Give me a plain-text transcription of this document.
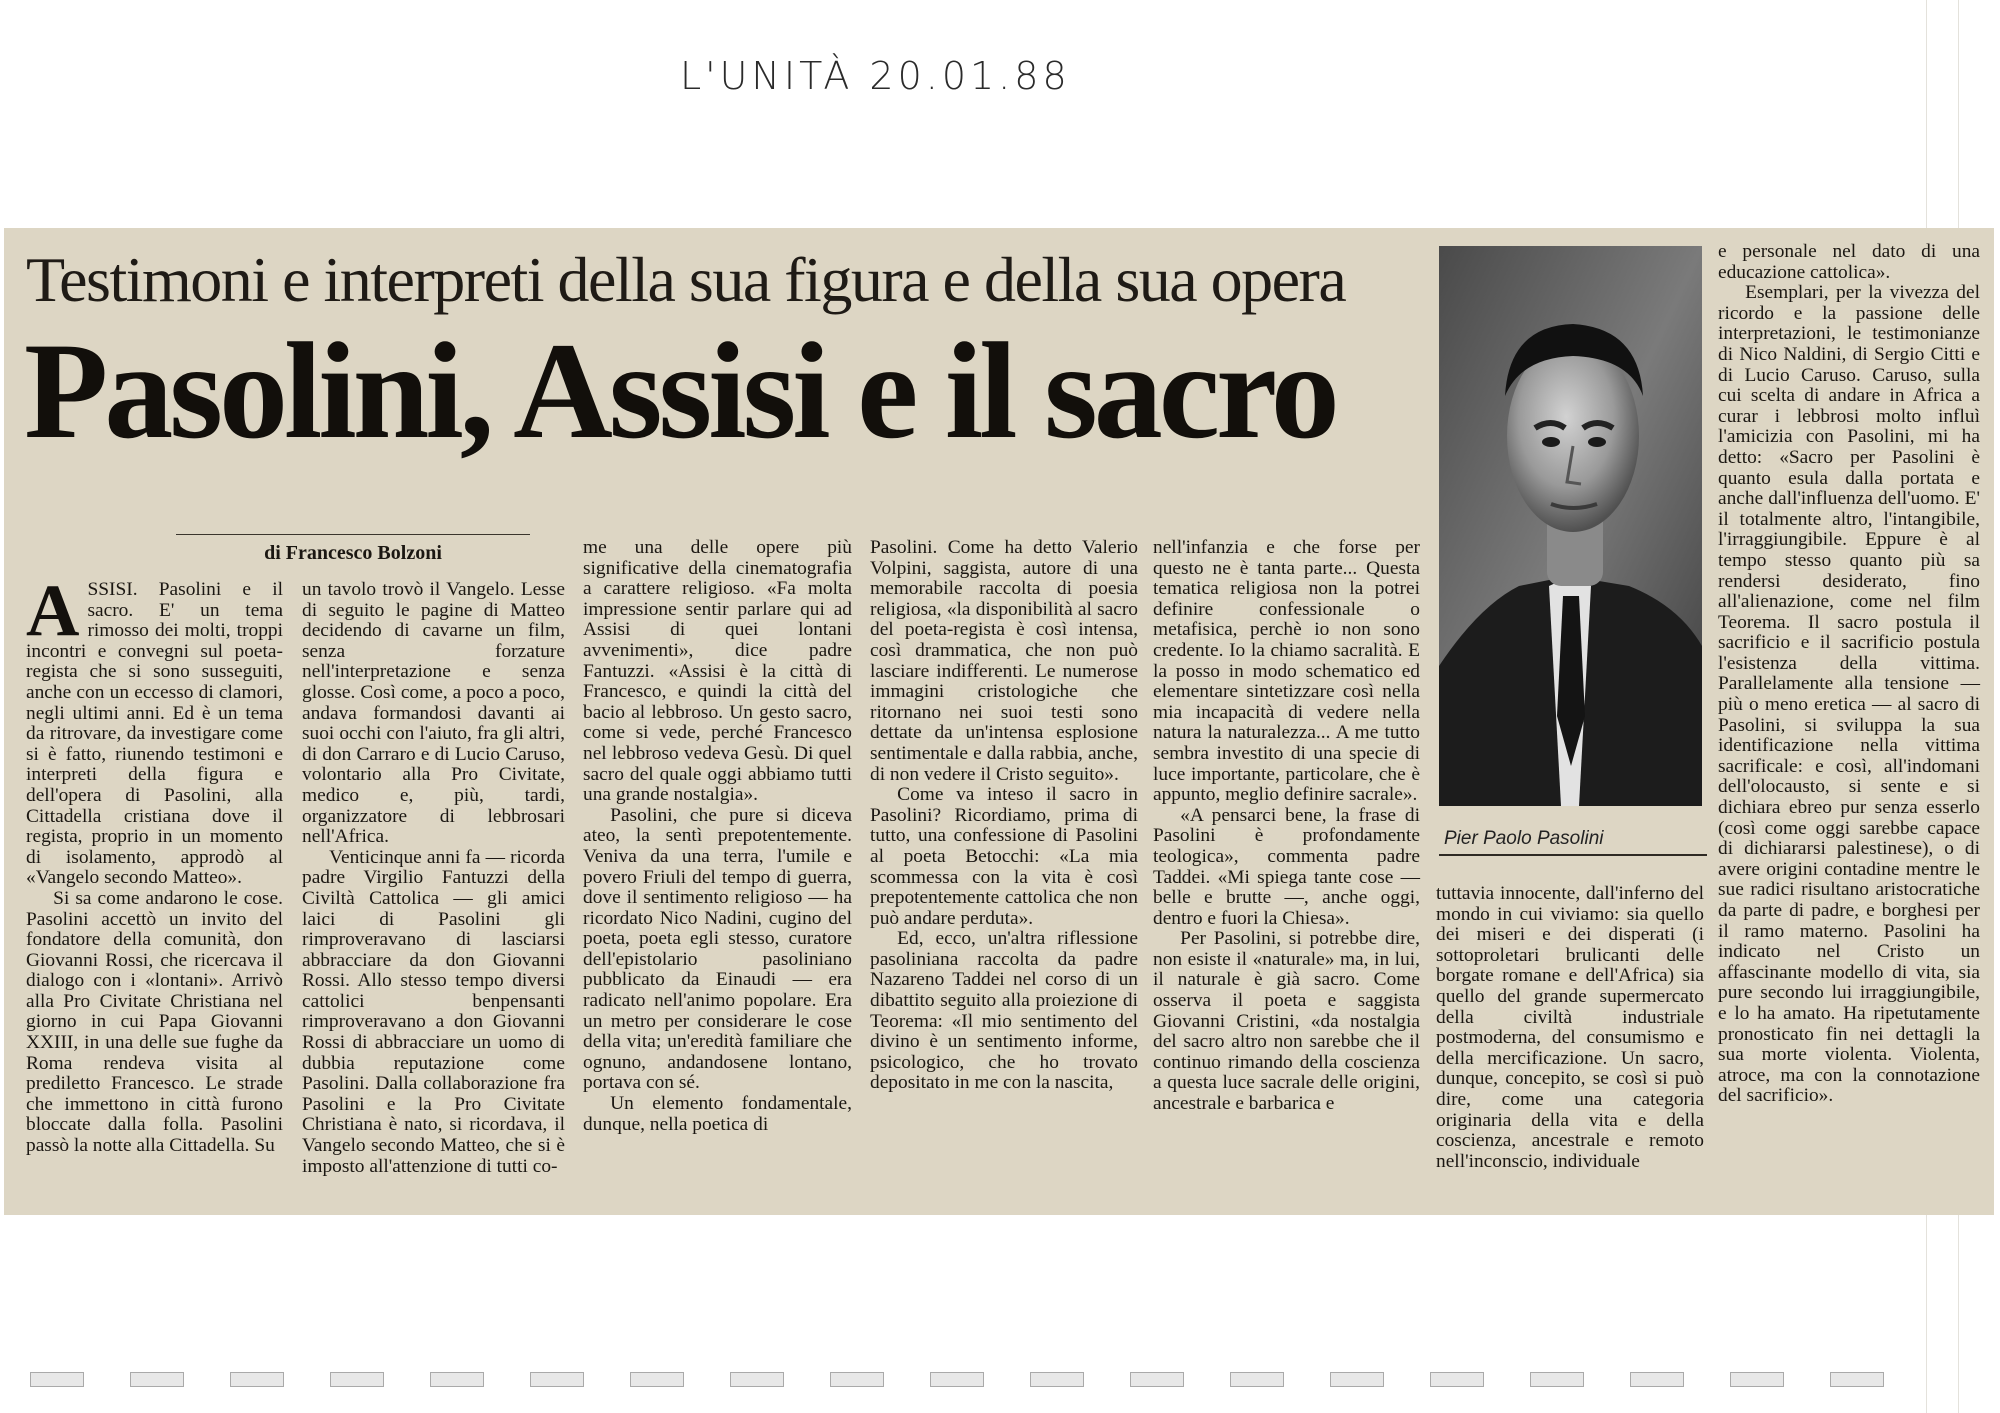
L'UNITÀ 20.01.88
Testimoni e interpreti della sua figura e della sua opera
Pasolini, Assisi e il sacro
di Francesco Bolzoni

ASSISI. Pasolini e il sacro. E' un tema rimosso dei molti, troppi incontri e convegni sul poeta-regista che si sono susseguiti, anche con un eccesso di clamori, negli ultimi anni. Ed è un tema da ritrovare, da investigare come si è fatto, riunendo testimoni e interpreti della figura e dell'opera di Pasolini, alla Cittadella cristiana dove il regista, proprio in un momento di isolamento, approdò al «Vangelo secondo Matteo».

Si sa come andarono le cose. Pasolini accettò un invito del fondatore della comunità, don Giovanni Rossi, che ricercava il dialogo con i «lontani». Arrivò alla Pro Civitate Christiana nel giorno in cui Papa Giovanni XXIII, in una delle sue fughe da Roma rendeva visita al prediletto Francesco. Le strade che immettono in città furono bloccate dalla folla. Pasolini passò la notte alla Cittadella. Su

un tavolo trovò il Vangelo. Lesse di seguito le pagine di Matteo decidendo di cavarne un film, senza forzature nell'interpretazione e senza glosse. Così come, a poco a poco, andava formandosi davanti ai suoi occhi con l'aiuto, fra gli altri, di don Carraro e di Lucio Caruso, volontario alla Pro Civitate, medico e, più, tardi, organizzatore di lebbrosari nell'Africa.

Venticinque anni fa — ricorda padre Virgilio Fantuzzi della Civiltà Cattolica — gli amici laici di Pasolini gli rimproveravano di lasciarsi abbracciare da don Giovanni Rossi. Allo stesso tempo diversi cattolici benpensanti rimproveravano a don Giovanni Rossi di abbracciare un uomo di dubbia reputazione come Pasolini. Dalla collaborazione fra Pasolini e la Pro Civitate Christiana è nato, si ricordava, il Vangelo secondo Matteo, che si è imposto all'attenzione di tutti co-

me una delle opere più significative della cinematografia a carattere religioso. «Fa molta impressione sentir parlare qui ad Assisi di quei lontani avvenimenti», dice padre Fantuzzi. «Assisi è la città di Francesco, e quindi la città del bacio al lebbroso. Un gesto sacro, come si vede, perché Francesco nel lebbroso vedeva Gesù. Di quel sacro del quale oggi abbiamo tutti una grande nostalgia».

Pasolini, che pure si diceva ateo, la sentì prepotentemente. Veniva da una terra, l'umile e povero Friuli del tempo di guerra, dove il sentimento religioso — ha ricordato Nico Nadini, cugino del poeta, poeta egli stesso, curatore dell'epistolario pasoliniano pubblicato da Einaudi — era radicato nell'animo popolare. Era un metro per considerare le cose della vita; un'eredità familiare che ognuno, andandosene lontano, portava con sé.

Un elemento fondamentale, dunque, nella poetica di

Pasolini. Come ha detto Valerio Volpini, saggista, autore di una memorabile raccolta di poesia religiosa, «la disponibilità al sacro del poeta-regista è così intensa, così drammatica, che non può lasciare indifferenti. Le numerose immagini cristologiche che ritornano nei suoi testi sono dettate da un'intensa esplosione sentimentale e dalla rabbia, anche, di non vedere il Cristo seguito».

Come va inteso il sacro in Pasolini? Ricordiamo, prima di tutto, una confessione di Pasolini al poeta Betocchi: «La mia scommessa con la vita è così prepotentemente cattolica che non può andare perduta».

Ed, ecco, un'altra riflessione pasoliniana raccolta da padre Nazareno Taddei nel corso di un dibattito seguito alla proiezione di Teorema: «Il mio sentimento del divino è un sentimento informe, psicologico, che ho trovato depositato in me con la nascita,

nell'infanzia e che forse per questo ne è tanta parte... Questa tematica religiosa non la potrei definire confessionale o metafisica, perchè io non sono credente. Io la chiamo sacralità. E la posso in modo schematico ed elementare sintetizzare così nella mia incapacità di vedere nella natura la naturalezza... A me tutto sembra investito di una specie di luce importante, particolare, che è appunto, meglio definire sacrale».

«A pensarci bene, la frase di Pasolini è profondamente teologica», commenta padre Taddei. «Mi spiega tante cose — belle e brutte —, anche oggi, dentro e fuori la Chiesa».

Per Pasolini, si potrebbe dire, non esiste il «naturale» ma, in lui, il naturale è già sacro. Come osserva il poeta e saggista Giovanni Cristini, «da nostalgia del sacro altro non sarebbe che il continuo rimando della coscienza a questa luce sacrale delle origini, ancestrale e barbarica e

Pier Paolo Pasolini

tuttavia innocente, dall'inferno del mondo in cui viviamo: sia quello dei miseri e dei disperati (i sottoproletari brulicanti delle borgate romane e dell'Africa) sia quello del grande supermercato della civiltà industriale postmoderna, del consumismo e della mercificazione. Un sacro, dunque, concepito, se così si può dire, come una categoria originaria della vita e della coscienza, ancestrale e remoto nell'inconscio, individuale

e personale nel dato di una educazione cattolica».

Esemplari, per la vivezza del ricordo e la passione delle interpretazioni, le testimonianze di Nico Naldini, di Sergio Citti e di Lucio Caruso. Caruso, sulla cui scelta di andare in Africa a curar i lebbrosi molto influì l'amicizia con Pasolini, mi ha detto: «Sacro per Pasolini è quanto esula dalla portata e anche dall'influenza dell'uomo. E' il totalmente altro, l'intangibile, l'irraggiungibile. Eppure è al tempo stesso quanto più sa rendersi desiderato, fino all'alienazione, come nel film Teorema. Il sacro postula il sacrificio e il sacrificio postula l'esistenza della vittima. Parallelamente alla tensione — più o meno eretica — al sacro di Pasolini, si sviluppa la sua identificazione nella vittima sacrificale: e così, all'indomani dell'olocausto, si sente e si dichiara ebreo pur senza esserlo (così come oggi sarebbe capace di dichiararsi palestinese), o di avere origini contadine mentre le sue radici risultano aristocratiche da parte di padre, e borghesi per il ramo materno. Pasolini ha indicato nel Cristo un affascinante modello di vita, sia pure secondo lui irraggiungibile, e lo ha amato. Ha ripetutamente pronosticato fin nei dettagli la sua morte violenta. Violenta, atroce, ma con la connotazione del sacrificio».
